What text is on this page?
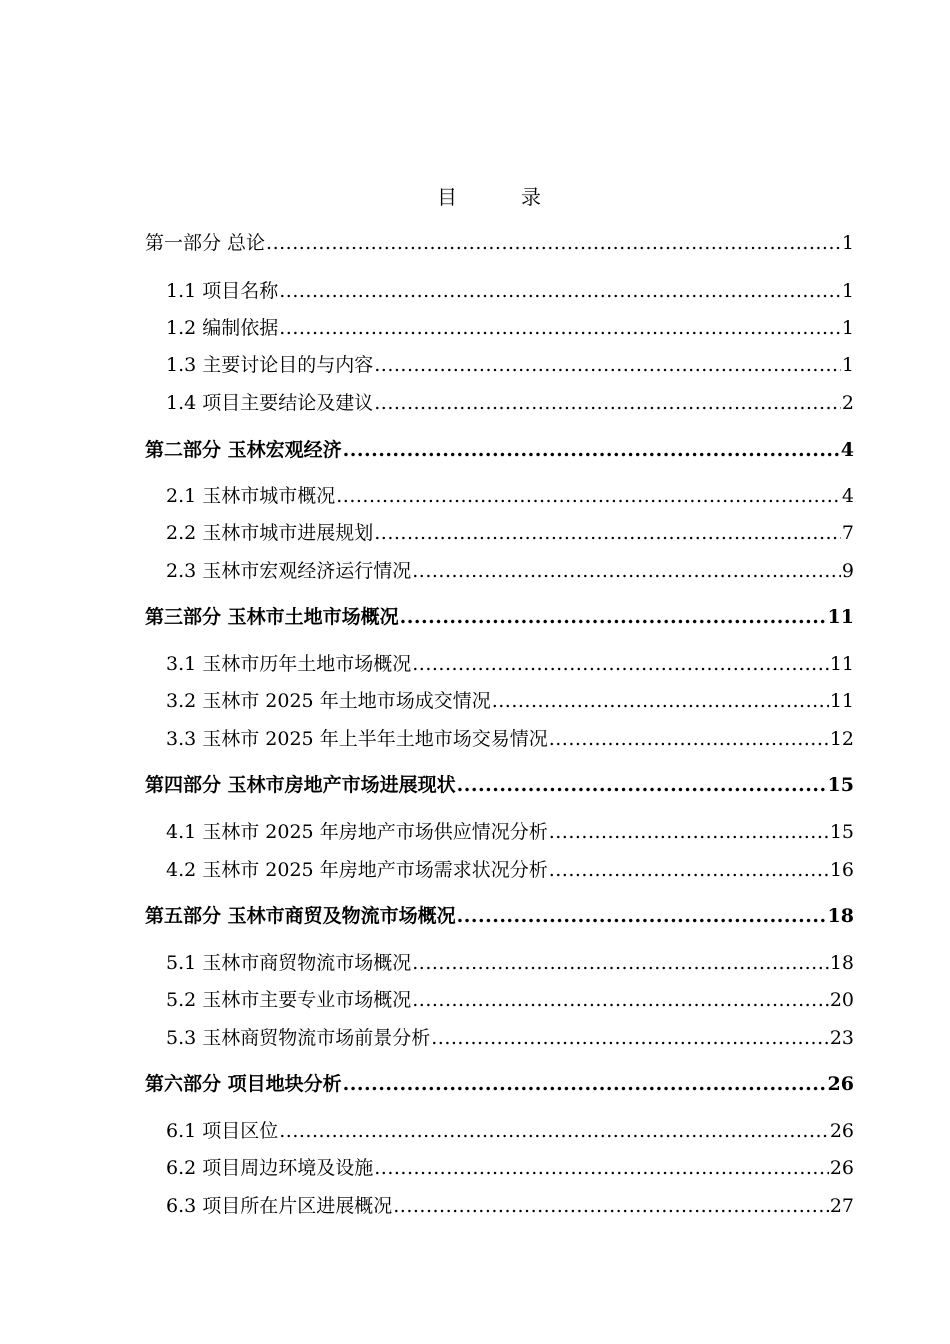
目　录
第一部分 总论 .....	1
1.1 项目名称 .....	1
1.2 编制依据 .....	1
1.3 主要讨论目的与内容 .....	1
1.4 项目主要结论及建议 .....	2
第二部分 玉林宏观经济 .....	4
2.1 玉林市城市概况 .....	4
2.2 玉林市城市进展规划 .....	7
2.3 玉林市宏观经济运行情况 .....	9
第三部分 玉林市土地市场概况 .....	11
3.1 玉林市历年土地市场概况 .....	11
3.2 玉林市 2025 年土地市场成交情况 .....	11
3.3 玉林市 2025 年上半年土地市场交易情况 .....	12
第四部分 玉林市房地产市场进展现状 .....	15
4.1 玉林市 2025 年房地产市场供应情况分析 .....	15
4.2 玉林市 2025 年房地产市场需求状况分析 .....	16
第五部分 玉林市商贸及物流市场概况 .....	18
5.1 玉林市商贸物流市场概况 .....	18
5.2 玉林市主要专业市场概况 .....	20
5.3 玉林商贸物流市场前景分析 .....	23
第六部分 项目地块分析 .....	26
6.1 项目区位 .....	26
6.2 项目周边环境及设施 .....	26
6.3 项目所在片区进展概况 .....	27
